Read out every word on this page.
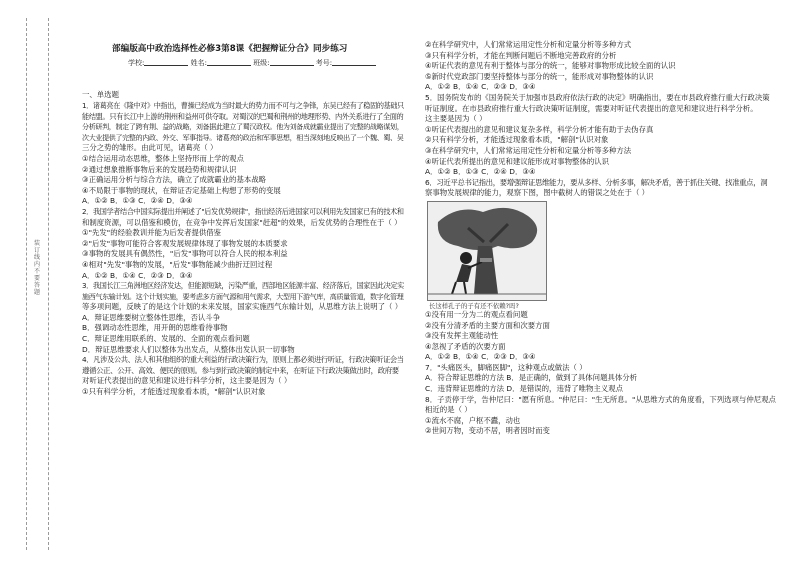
装
订
线
内
不
要
答
题
部编版高中政治选择性必修3第8课《把握辩证分合》同步练习
学校:	姓名:	班级:	考号:
一、单选题
1．诸葛亮在《隆中对》中指出，曹操已经成为当时最大的势力而不可与之争锋，东吴已经有了稳固的基础只
能结盟。只有长江中上游的荆州和益州可供夺取。对蜀汉的巴蜀和荆州的地理形势、内外关系进行了全面的
分析研判，制定了跨有荆、益的战略，刘备据此建立了蜀汉政权。他为刘备成就霸业提出了完整的战略谋划，
次大业提供了完整的内政、外交、军事指导。诸葛亮的政治和军事思想，相当深刻地反映出了一个魏、蜀、吴
三分之势的雏形。由此可见，诸葛亮（ ）
①结合运用动态思维，整体上坚持形而上学的观点
②通过想象推断事物后来的发展趋势和规律认识
③正确运用分析与综合方法，确立了成就霸业的基本战略
④不局限于事物的现状，在辩证否定基础上构想了形势的变展
A．①② B．①③ C．②④ D．③④
2．我国学者结合中国实际提出并阐述了"后发优势规律"，指出经济后进国家可以利用先发国家已有的技术和
和制度资源，可以借鉴和模仿，在竞争中发挥后发国家"赶超"的效果，后发优势的合理性在于（ ）
①"先发"的经验教训并能为后发者提供借鉴
②"后发"事物可能符合客观发展规律体现了事物发展的本质要求
③事物的发展具有偶然性，"后发"事物可以符合人民的根本利益
④相对"先发"事物的发展，"后发"事物能减少曲折迂回过程
A．①② B．①④ C．②③ D．③④
3．我国长江三角洲地区经济发达，但能源短缺，污染严重，西部地区能源丰富、经济落后，国家因此决定实
施西气东输计划。这个计划实施，要考虑多方面气源和用气需求，大型用下游气库，高质量管道，数字化管理
等多项问题，反映了的是这个计划的未来发展，国家实施西气东输计划，从思维方法上说明了（ ）
A．辩证思维要树立整体性思维，否认斗争
B．强调动态性思维，用开朗的思维看待事物
C．辩证思维用联系的、发展的、全面的观点看问题
D．辩证思维要求人们以整体为出发点，从整体出发认识一切事物
4．凡涉及公共、法人和其他组织的重大利益的行政决策行为，原则上都必须进行听证，行政决策听证会当
遵循公正、公开、高效、便民的原则。参与到行政决策的制定中来，在听证下行政决策做出时，政府要
对听证代表提出的意见和建议进行科学分析，这主要是因为（ ）
①只有科学分析，才能透过现象看本质，"解剖"认识对象
②在科学研究中，人们常常运用定性分析和定量分析等多种方式
③只有科学分析，才能在判断问题后不断地完善政府的分析
④听证代表的意见有利于整体与部分的统一，能够对事物形成比较全面的认识
⑤新时代党政部门要坚持整体与部分的统一，能形成对事物整体的认识
A．①② B．①④ C．②③ D．③④
5．国务院发布的《国务院关于加强市县政府依法行政的决定》明确指出，要在市县政府推行重大行政决策
听证制度。在市县政府推行重大行政决策听证制度，需要对听证代表提出的意见和建议进行科学分析。
这主要是因为（ ）
①听证代表提出的意见和建议复杂多样，科学分析才能有助于去伪存真
②只有科学分析，才能透过现象看本质，"解剖"认识对象
③在科学研究中，人们常常运用定性分析和定量分析等多种方法
④听证代表所提出的意见和建议能形成对事物整体的认识
A．①② B．①③ C．②④ D．③④
6．习近平总书记指出，要增强辩证思维能力，要从多样、分析多事，解决矛盾，善于抓住关键、找准重点，洞
察事物发展规律的能力，观察下图，图中截树人的错误之处在于（ ）
长这样孔子的子有还不依赖?吗?
①没有用一分为二的观点看问题
②没有分清矛盾的主要方面和次要方面
③没有发挥主观能动性
④忽视了矛盾的次要方面
A．①② B．①④ C．②③ D．③④
7．"头痛医头，脚痛医脚"，这种观点或做法（ ）
A．符合辩证思维的方法 B．是正确的，做到了具体问题具体分析
C．违背辩证思维的方法 D．是错误的，违背了唯物主义观点
8．子贡停于学，告仲尼曰："愿有所息。"仲尼曰："生无所息。"从思维方式的角度看，下列选项与仲尼观点
相近的是（ ）
①流水不腐，户枢不蠹，动也
②世间万物，变动不居，明者因时而变
